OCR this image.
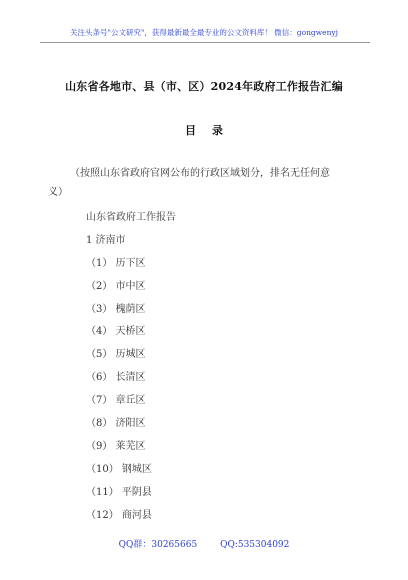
关注头条号"公文研究"，获得最新最全最专业的公文资料库！ 微信：gongwenyj
山东省各地市、县（市、区）2024年政府工作报告汇编
目录
（按照山东省政府官网公布的行政区域划分，排名无任何意义）
山东省政府工作报告
1 济南市
（1） 历下区
（2） 市中区
（3） 槐荫区
（4） 天桥区
（5） 历城区
（6） 长清区
（7） 章丘区
（8） 济阳区
（9） 莱芜区
（10） 钢城区
（11） 平阴县
（12） 商河县
QQ群：30265665	QQ:535304092
